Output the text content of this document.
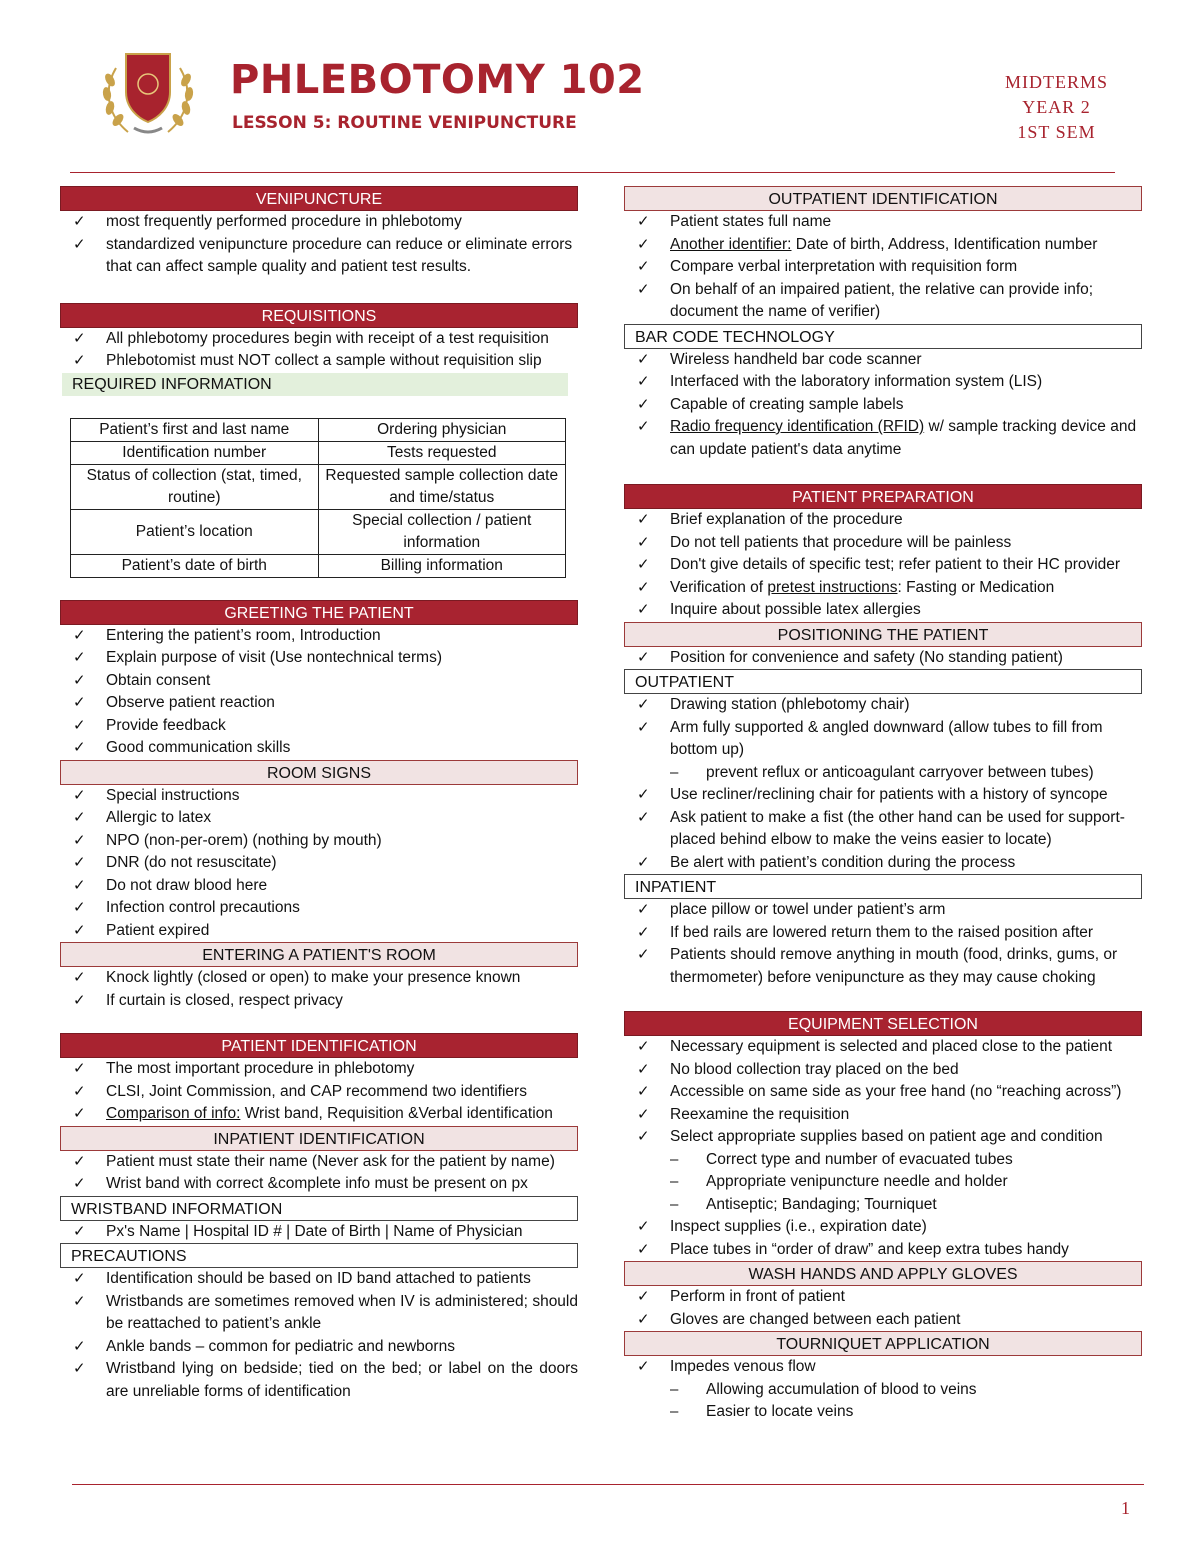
PHLEBOTOMY 102
LESSON 5: ROUTINE VENIPUNCTURE
MIDTERMS
YEAR 2
1ST SEM
VENIPUNCTURE
✓ most frequently performed procedure in phlebotomy
✓ standardized venipuncture procedure can reduce or eliminate errors that can affect sample quality and patient test results.
REQUISITIONS
✓ All phlebotomy procedures begin with receipt of a test requisition
✓ Phlebotomist must NOT collect a sample without requisition slip
REQUIRED INFORMATION
Patient’s first and last name	Ordering physician
Identification number	Tests requested
Status of collection (stat, timed, routine)	Requested sample collection date and time/status
Patient’s location	Special collection / patient information
Patient’s date of birth	Billing information
GREETING THE PATIENT
✓ Entering the patient’s room, Introduction
✓ Explain purpose of visit (Use nontechnical terms)
✓ Obtain consent
✓ Observe patient reaction
✓ Provide feedback
✓ Good communication skills
ROOM SIGNS
✓ Special instructions
✓ Allergic to latex
✓ NPO (non-per-orem) (nothing by mouth)
✓ DNR (do not resuscitate)
✓ Do not draw blood here
✓ Infection control precautions
✓ Patient expired
ENTERING A PATIENT'S ROOM
✓ Knock lightly (closed or open) to make your presence known
✓ If curtain is closed, respect privacy
PATIENT IDENTIFICATION
✓ The most important procedure in phlebotomy
✓ CLSI, Joint Commission, and CAP recommend two identifiers
✓ Comparison of info: Wrist band, Requisition &Verbal identification
INPATIENT IDENTIFICATION
✓ Patient must state their name (Never ask for the patient by name)
✓ Wrist band with correct &complete info must be present on px
WRISTBAND INFORMATION
✓ Px's Name | Hospital ID # | Date of Birth | Name of Physician
PRECAUTIONS
✓ Identification should be based on ID band attached to patients
✓ Wristbands are sometimes removed when IV is administered; should be reattached to patient’s ankle
✓ Ankle bands – common for pediatric and newborns
✓ Wristband lying on bedside; tied on the bed; or label on the doors are unreliable forms of identification
OUTPATIENT IDENTIFICATION
✓ Patient states full name
✓ Another identifier: Date of birth, Address, Identification number
✓ Compare verbal interpretation with requisition form
✓ On behalf of an impaired patient, the relative can provide info; document the name of verifier)
BAR CODE TECHNOLOGY
✓ Wireless handheld bar code scanner
✓ Interfaced with the laboratory information system (LIS)
✓ Capable of creating sample labels
✓ Radio frequency identification (RFID) w/ sample tracking device and can update patient's data anytime
PATIENT PREPARATION
✓ Brief explanation of the procedure
✓ Do not tell patients that procedure will be painless
✓ Don't give details of specific test; refer patient to their HC provider
✓ Verification of pretest instructions: Fasting or Medication
✓ Inquire about possible latex allergies
POSITIONING THE PATIENT
✓ Position for convenience and safety (No standing patient)
OUTPATIENT
✓ Drawing station (phlebotomy chair)
✓ Arm fully supported & angled downward (allow tubes to fill from bottom up)
– prevent reflux or anticoagulant carryover between tubes)
✓ Use recliner/reclining chair for patients with a history of syncope
✓ Ask patient to make a fist (the other hand can be used for support- placed behind elbow to make the veins easier to locate)
✓ Be alert with patient’s condition during the process
INPATIENT
✓ place pillow or towel under patient’s arm
✓ If bed rails are lowered return them to the raised position after
✓ Patients should remove anything in mouth (food, drinks, gums, or thermometer) before venipuncture as they may cause choking
EQUIPMENT SELECTION
✓ Necessary equipment is selected and placed close to the patient
✓ No blood collection tray placed on the bed
✓ Accessible on same side as your free hand (no “reaching across”)
✓ Reexamine the requisition
✓ Select appropriate supplies based on patient age and condition
– Correct type and number of evacuated tubes
– Appropriate venipuncture needle and holder
– Antiseptic; Bandaging; Tourniquet
✓ Inspect supplies (i.e., expiration date)
✓ Place tubes in “order of draw” and keep extra tubes handy
WASH HANDS AND APPLY GLOVES
✓ Perform in front of patient
✓ Gloves are changed between each patient
TOURNIQUET APPLICATION
✓ Impedes venous flow
– Allowing accumulation of blood to veins
– Easier to locate veins
1
